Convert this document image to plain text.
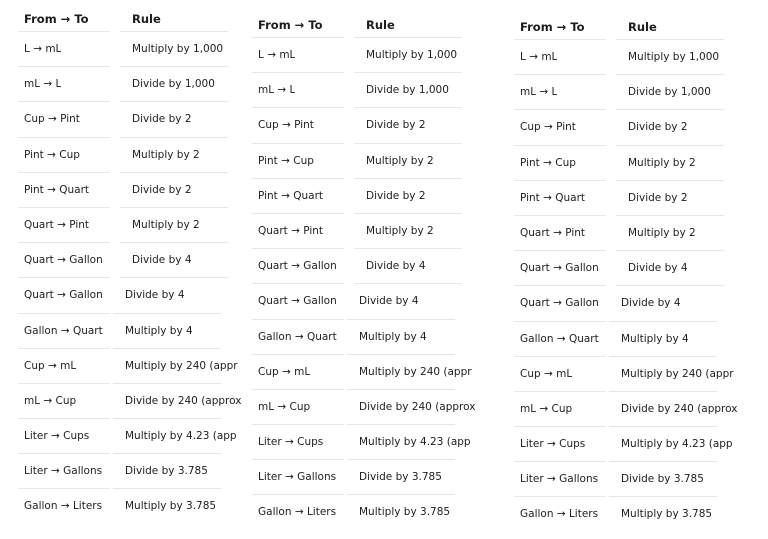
From → To	Rule
L → mL	Multiply by 1,000
mL → L	Divide by 1,000
Cup → Pint	Divide by 2
Pint → Cup	Multiply by 2
Pint → Quart	Divide by 2
Quart → Pint	Multiply by 2
Quart → Gallon	Divide by 4
Quart → Gallon Divide by 4
Gallon → Quart Multiply by 4
Cup → mL	Multiply by 240 (appr
mL → Cup	Divide by 240 (approx
Liter → Cups	Multiply by 4.23 (app
Liter → Gallons Divide by 3.785
Gallon → Liters Multiply by 3.785
From → To	Rule
L → mL	Multiply by 1,000
mL → L	Divide by 1,000
Cup → Pint	Divide by 2
Pint → Cup	Multiply by 2
Pint → Quart	Divide by 2
Quart → Pint	Multiply by 2
Quart → Gallon	Divide by 4
Quart → Gallon Divide by 4
Gallon → Quart Multiply by 4
Cup → mL	Multiply by 240 (appr
mL → Cup	Divide by 240 (approx
Liter → Cups	Multiply by 4.23 (app
Liter → Gallons Divide by 3.785
Gallon → Liters Multiply by 3.785
From → To	Rule
L → mL	Multiply by 1,000
mL → L	Divide by 1,000
Cup → Pint	Divide by 2
Pint → Cup	Multiply by 2
Pint → Quart	Divide by 2
Quart → Pint	Multiply by 2
Quart → Gallon	Divide by 4
Quart → Gallon Divide by 4
Gallon → Quart Multiply by 4
Cup → mL	Multiply by 240 (appr
mL → Cup	Divide by 240 (approx
Liter → Cups	Multiply by 4.23 (app
Liter → Gallons Divide by 3.785
Gallon → Liters Multiply by 3.785
